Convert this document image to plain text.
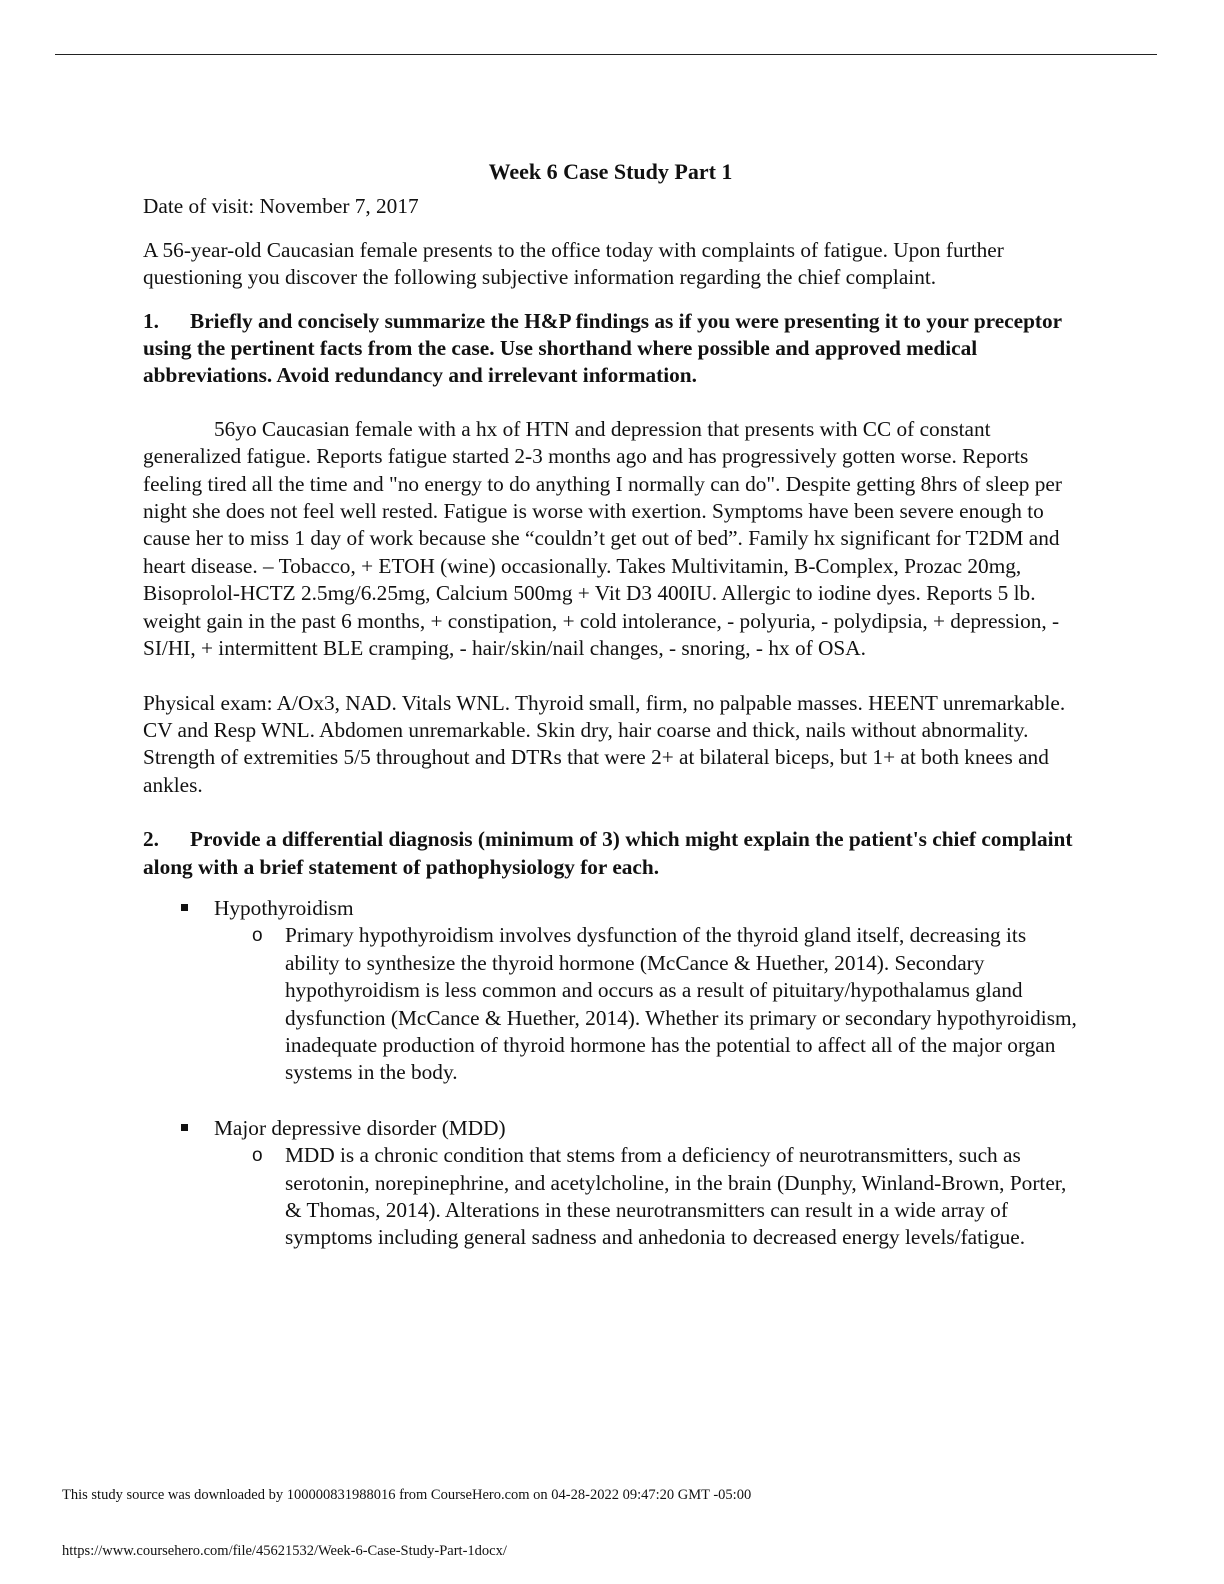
Week 6 Case Study Part 1

Date of visit: November 7, 2017

A 56-year-old Caucasian female presents to the office today with complaints of fatigue. Upon further questioning you discover the following subjective information regarding the chief complaint.

1. Briefly and concisely summarize the H&P findings as if you were presenting it to your preceptor using the pertinent facts from the case. Use shorthand where possible and approved medical abbreviations. Avoid redundancy and irrelevant information.

56yo Caucasian female with a hx of HTN and depression that presents with CC of constant generalized fatigue. Reports fatigue started 2-3 months ago and has progressively gotten worse. Reports feeling tired all the time and "no energy to do anything I normally can do". Despite getting 8hrs of sleep per night she does not feel well rested. Fatigue is worse with exertion. Symptoms have been severe enough to cause her to miss 1 day of work because she “couldn’t get out of bed”. Family hx significant for T2DM and heart disease. – Tobacco, + ETOH (wine) occasionally. Takes Multivitamin, B-Complex, Prozac 20mg, Bisoprolol-HCTZ 2.5mg/6.25mg, Calcium 500mg + Vit D3 400IU. Allergic to iodine dyes. Reports 5 lb. weight gain in the past 6 months, + constipation, + cold intolerance, - polyuria, - polydipsia, + depression, - SI/HI, + intermittent BLE cramping, - hair/skin/nail changes, - snoring, - hx of OSA.

Physical exam: A/Ox3, NAD. Vitals WNL. Thyroid small, firm, no palpable masses. HEENT unremarkable. CV and Resp WNL. Abdomen unremarkable. Skin dry, hair coarse and thick, nails without abnormality. Strength of extremities 5/5 throughout and DTRs that were 2+ at bilateral biceps, but 1+ at both knees and ankles.

2. Provide a differential diagnosis (minimum of 3) which might explain the patient's chief complaint along with a brief statement of pathophysiology for each.

Hypothyroidism
o Primary hypothyroidism involves dysfunction of the thyroid gland itself, decreasing its ability to synthesize the thyroid hormone (McCance & Huether, 2014). Secondary hypothyroidism is less common and occurs as a result of pituitary/hypothalamus gland dysfunction (McCance & Huether, 2014). Whether its primary or secondary hypothyroidism, inadequate production of thyroid hormone has the potential to affect all of the major organ systems in the body.
Major depressive disorder (MDD)
o MDD is a chronic condition that stems from a deficiency of neurotransmitters, such as serotonin, norepinephrine, and acetylcholine, in the brain (Dunphy, Winland-Brown, Porter, & Thomas, 2014). Alterations in these neurotransmitters can result in a wide array of symptoms including general sadness and anhedonia to decreased energy levels/fatigue.
This study source was downloaded by 100000831988016 from CourseHero.com on 04-28-2022 09:47:20 GMT -05:00
https://www.coursehero.com/file/45621532/Week-6-Case-Study-Part-1docx/
